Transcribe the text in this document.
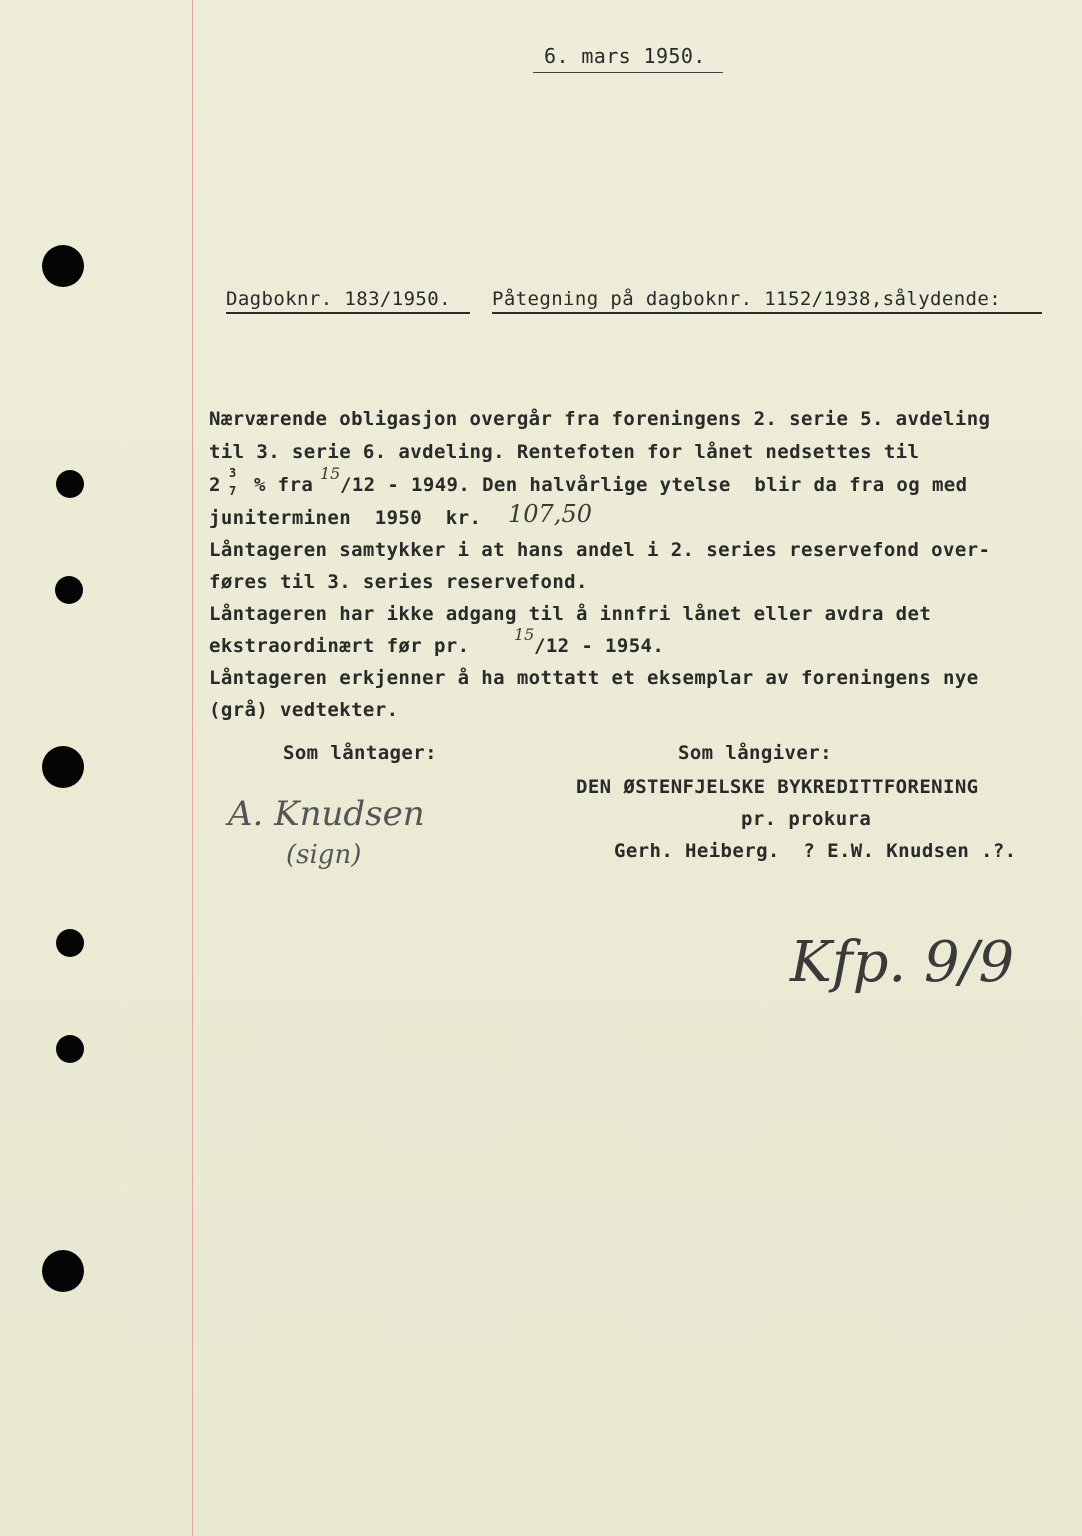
6. mars 1950.
Dagboknr. 183/1950. Påtegning på dagboknr. 1152/1938,sålydende:
Nærværende obligasjon overgår fra foreningens 2. serie 5. avdeling
til 3. serie 6. avdeling. Rentefoten for lånet nedsettes til
2
3
7 % fra
15
/12 - 1949. Den halvårlige ytelse  blir da fra og med
juniterminen  1950  kr. 107,50
Låntageren samtykker i at hans andel i 2. series reservefond over-
føres til 3. series reservefond.
Låntageren har ikke adgang til å innfri lånet eller avdra det
ekstraordinært før pr.
15
/12 - 1954.
Låntageren erkjenner å ha mottatt et eksemplar av foreningens nye
(grå) vedtekter.
Som låntager:	Som långiver:
DEN ØSTENFJELSKE BYKREDITTFORENING
pr. prokura
Gerh. Heiberg.  ? E.W. Knudsen .?.
A. Knudsen
(sign)
Kfp. 9/9
